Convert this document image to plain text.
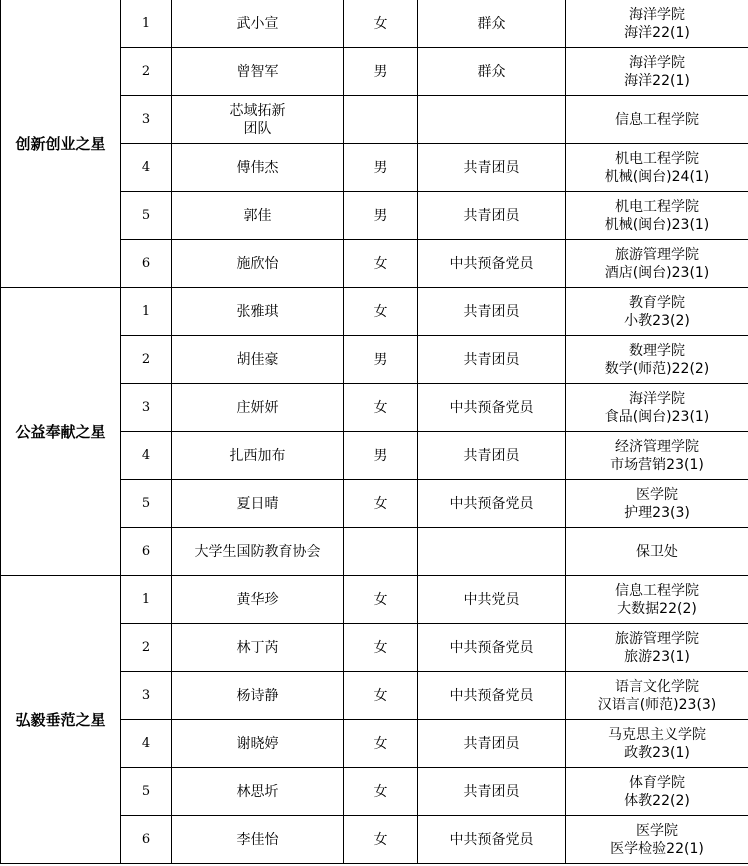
创新创业之星	1	武小宣	女	群众	海洋学院
海洋22(1)

	2	曾智军	男	群众	海洋学院
海洋22(1)

	3	芯域拓新
团队			信息工程学院

	4	傅伟杰	男	共青团员	机电工程学院
机械(闽台)24(1)

	5	郭佳	男	共青团员	机电工程学院
机械(闽台)23(1)

	6	施欣怡	女	中共预备党员	旅游管理学院
酒店(闽台)23(1)

公益奉献之星	1	张雅琪	女	共青团员	教育学院
小教23(2)

	2	胡佳豪	男	共青团员	数理学院
数学(师范)22(2)

	3	庄妍妍	女	中共预备党员	海洋学院
食品(闽台)23(1)

	4	扎西加布	男	共青团员	经济管理学院
市场营销23(1)

	5	夏日晴	女	中共预备党员	医学院
护理23(3)

	6	大学生国防教育协会			保卫处

弘毅垂范之星	1	黄华珍	女	中共党员	信息工程学院
大数据22(2)

	2	林丁芮	女	中共预备党员	旅游管理学院
旅游23(1)

	3	杨诗静	女	中共预备党员	语言文化学院
汉语言(师范)23(3)

	4	谢晓婷	女	共青团员	马克思主义学院
政教23(1)

	5	林思圻	女	共青团员	体育学院
体教22(2)

	6	李佳怡	女	中共预备党员	医学院
医学检验22(1)
